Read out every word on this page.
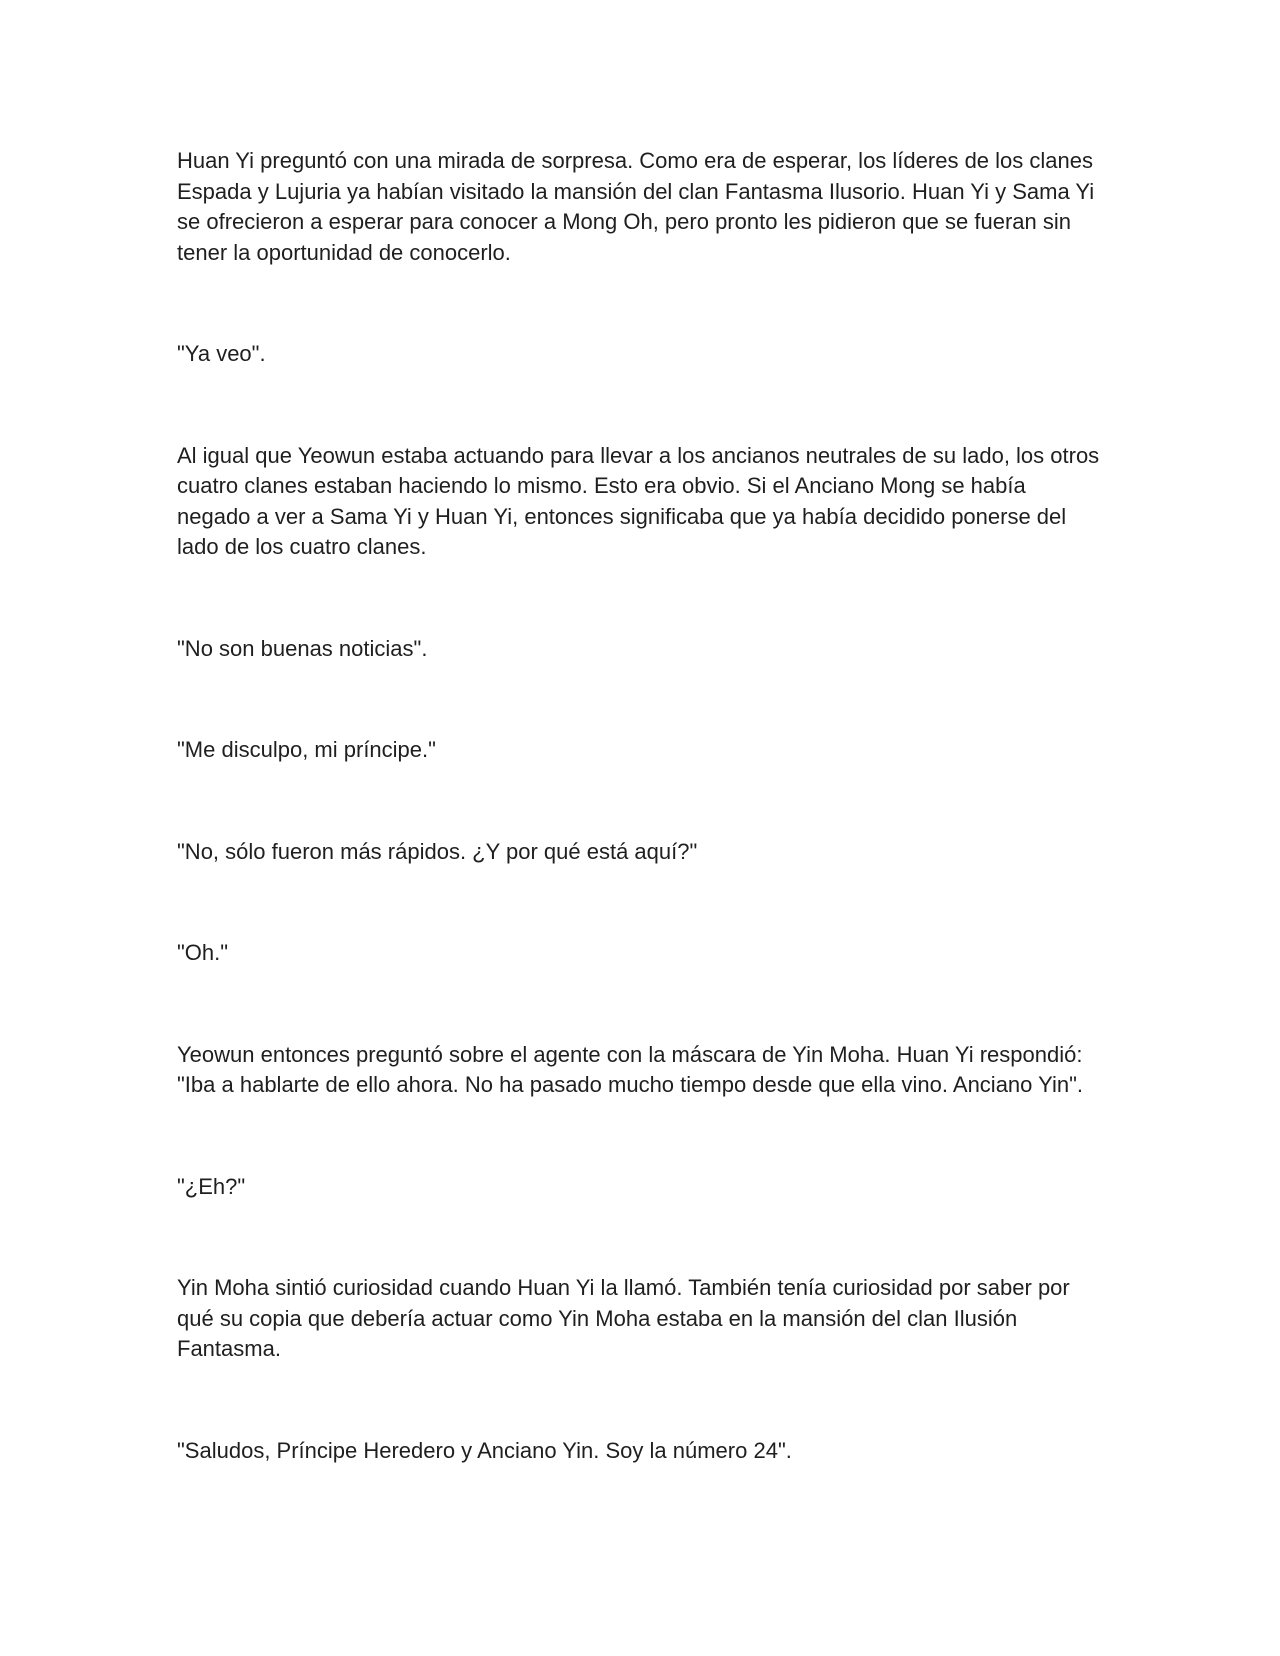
Huan Yi preguntó con una mirada de sorpresa. Como era de esperar, los líderes de los clanes Espada y Lujuria ya habían visitado la mansión del clan Fantasma Ilusorio. Huan Yi y Sama Yi se ofrecieron a esperar para conocer a Mong Oh, pero pronto les pidieron que se fueran sin tener la oportunidad de conocerlo.

"Ya veo".

Al igual que Yeowun estaba actuando para llevar a los ancianos neutrales de su lado, los otros cuatro clanes estaban haciendo lo mismo. Esto era obvio. Si el Anciano Mong se había negado a ver a Sama Yi y Huan Yi, entonces significaba que ya había decidido ponerse del lado de los cuatro clanes.

"No son buenas noticias".

"Me disculpo, mi príncipe."

"No, sólo fueron más rápidos. ¿Y por qué está aquí?"

"Oh."

Yeowun entonces preguntó sobre el agente con la máscara de Yin Moha. Huan Yi respondió: "Iba a hablarte de ello ahora. No ha pasado mucho tiempo desde que ella vino. Anciano Yin".

"¿Eh?"

Yin Moha sintió curiosidad cuando Huan Yi la llamó. También tenía curiosidad por saber por qué su copia que debería actuar como Yin Moha estaba en la mansión del clan Ilusión Fantasma.

"Saludos, Príncipe Heredero y Anciano Yin. Soy la número 24".
